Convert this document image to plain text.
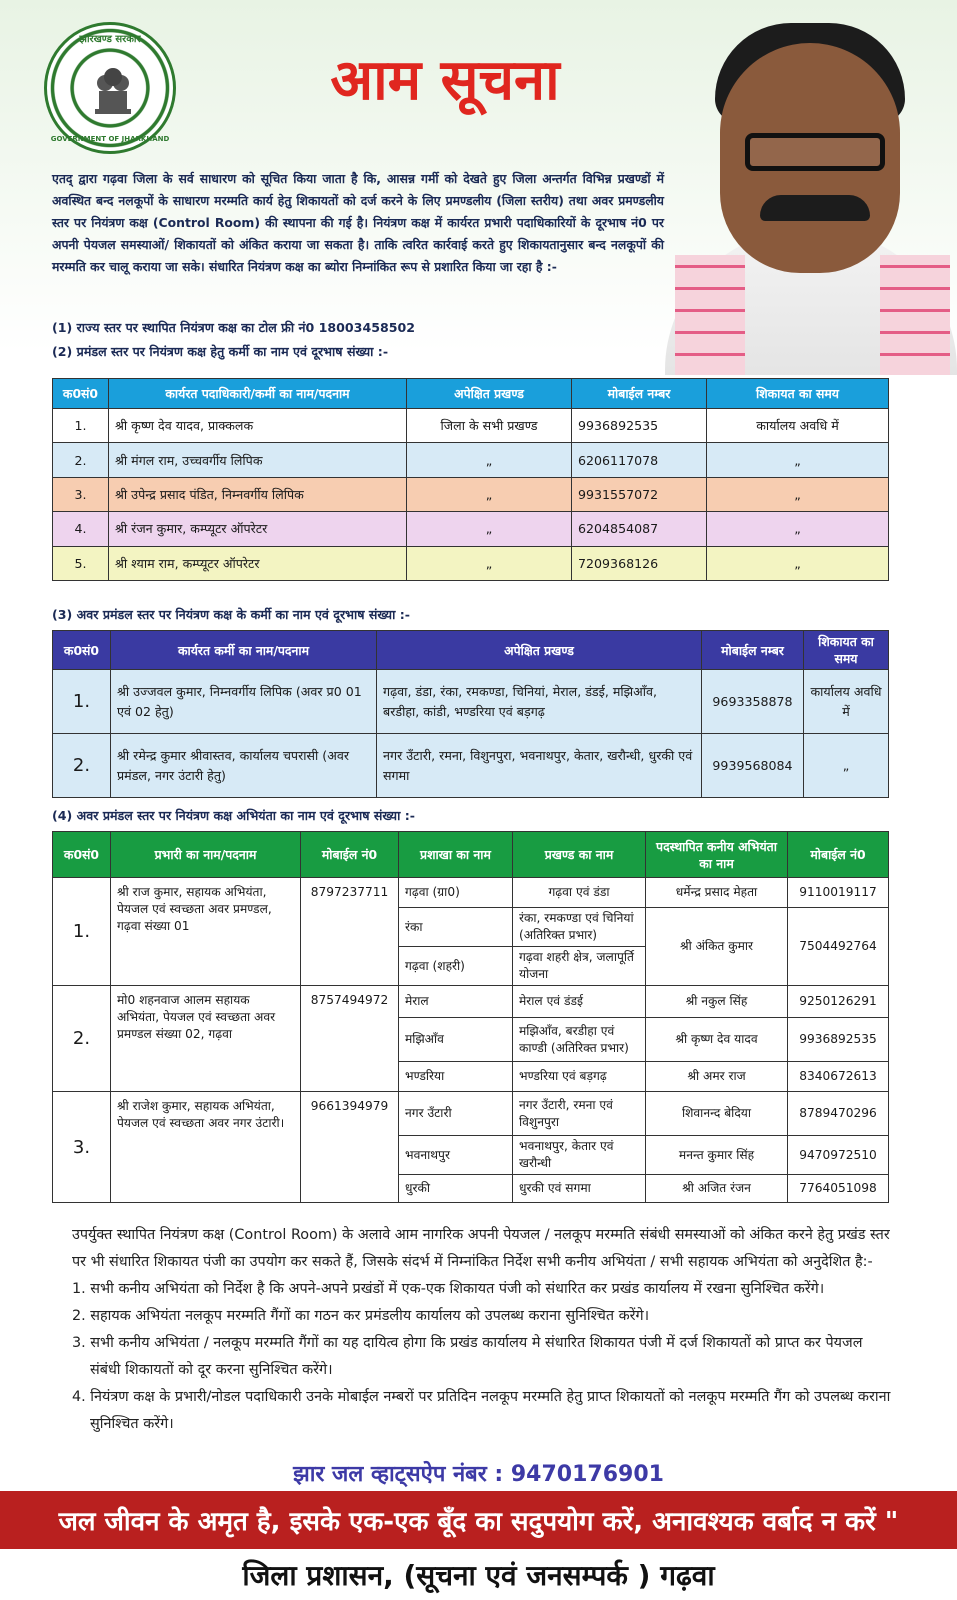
झारखण्ड सरकार
GOVERNMENT OF JHARKHAND
आम सूचना
एतद् द्वारा गढ़वा जिला के सर्व साधारण को सूचित किया जाता है कि, आसन्न गर्मी को देखते हुए जिला अन्तर्गत विभिन्न प्रखण्डों में अवस्थित बन्द नलकूपों के साधारण मरम्मति कार्य हेतु शिकायतों को दर्ज करने के लिए प्रमण्डलीय (जिला स्तरीय) तथा अवर प्रमण्डलीय स्तर पर नियंत्रण कक्ष (Control Room) की स्थापना की गई है। नियंत्रण कक्ष में कार्यरत प्रभारी पदाधिकारियों के दूरभाष नं0 पर अपनी पेयजल समस्याओं/ शिकायतों को अंकित कराया जा सकता है। ताकि त्वरित कार्रवाई करते हुए शिकायतानुसार बन्द नलकूपों की मरम्मति कर चालू कराया जा सके। संधारित नियंत्रण कक्ष का ब्योरा निम्नांकित रूप से प्रशारित किया जा रहा है :-
(1) राज्य स्तर पर स्थापित नियंत्रण कक्ष का टोल फ्री नं0 18003458502
(2) प्रमंडल स्तर पर नियंत्रण कक्ष हेतु कर्मी का नाम एवं दूरभाष संख्या :-
क0सं0	कार्यरत पदाधिकारी/कर्मी का नाम/पदनाम	अपेक्षित प्रखण्ड	मोबाईल नम्बर	शिकायत का समय
1.	श्री कृष्ण देव यादव, प्राक्कलक	जिला के सभी प्रखण्ड	9936892535	कार्यालय अवधि में
2.	श्री मंगल राम, उच्चवर्गीय लिपिक	„	6206117078	„
3.	श्री उपेन्द्र प्रसाद पंडित, निम्नवर्गीय लिपिक	„	9931557072	„
4.	श्री रंजन कुमार, कम्प्यूटर ऑपरेटर	„	6204854087	„
5.	श्री श्याम राम, कम्प्यूटर ऑपरेटर	„	7209368126	„
(3) अवर प्रमंडल स्तर पर नियंत्रण कक्ष के कर्मी का नाम एवं दूरभाष संख्या :-
क0सं0	कार्यरत कर्मी का नाम/पदनाम	अपेक्षित प्रखण्ड	मोबाईल नम्बर	शिकायत का समय
1.	श्री उज्जवल कुमार, निम्नवर्गीय लिपिक (अवर प्र0 01 एवं 02 हेतु)	गढ़वा, डंडा, रंका, रमकण्डा, चिनियां, मेराल, डंडई, मझिआँव, बरडीहा, कांडी, भण्डरिया एवं बड़गढ़	9693358878	कार्यालय अवधि में
2.	श्री रमेन्द्र कुमार श्रीवास्तव, कार्यालय चपरासी (अवर प्रमंडल, नगर उंटारी हेतु)	नगर उँटारी, रमना, विशुनपुरा, भवनाथपुर, केतार, खरौन्धी, धुरकी एवं सगमा	9939568084	„
(4) अवर प्रमंडल स्तर पर नियंत्रण कक्ष अभियंता का नाम एवं दूरभाष संख्या :-
क0सं0	प्रभारी का नाम/पदनाम	मोबाईल नं0	प्रशाखा का नाम	प्रखण्ड का नाम	पदस्थापित कनीय अभियंता का नाम	मोबाईल नं0
1.	श्री राज कुमार, सहायक अभियंता, पेयजल एवं स्वच्छता अवर प्रमण्डल, गढ़वा संख्या 01	8797237711	गढ़वा (ग्रा0)	गढ़वा एवं डंडा	धर्मेन्द्र प्रसाद मेहता	9110019117
			रंका	रंका, रमकण्डा एवं चिनियां (अतिरिक्त प्रभार)	श्री अंकित कुमार	7504492764
			गढ़वा (शहरी)	गढ़वा शहरी क्षेत्र, जलापूर्ति योजना		
2.	मो0 शहनवाज आलम सहायक अभियंता, पेयजल एवं स्वच्छता अवर प्रमण्डल संख्या 02, गढ़वा	8757494972	मेराल	मेराल एवं डंडई	श्री नकुल सिंह	9250126291
			मझिआँव	मझिआँव, बरडीहा एवं काण्डी (अतिरिक्त प्रभार)	श्री कृष्ण देव यादव	9936892535
			भण्डरिया	भण्डरिया एवं बड़गढ़	श्री अमर राज	8340672613
3.	श्री राजेश कुमार, सहायक अभियंता, पेयजल एवं स्वच्छता अवर नगर उंटारी।	9661394979	नगर उँटारी	नगर उँटारी, रमना एवं विशुनपुरा	शिवानन्द बेदिया	8789470296
			भवनाथपुर	भवनाथपुर, केतार एवं खरौन्धी	मनन्त कुमार सिंह	9470972510
			धुरकी	धुरकी एवं सगमा	श्री अजित रंजन	7764051098

उपर्युक्त स्थापित नियंत्रण कक्ष (Control Room) के अलावे आम नागरिक अपनी पेयजल / नलकूप मरम्मति संबंधी समस्याओं को अंकित करने हेतु प्रखंड स्तर पर भी संधारित शिकायत पंजी का उपयोग कर सकते हैं, जिसके संदर्भ में निम्नांकित निर्देश सभी कनीय अभियंता / सभी सहायक अभियंता को अनुदेशित है:-

1. सभी कनीय अभियंता को निर्देश है कि अपने-अपने प्रखंडों में एक-एक शिकायत पंजी को संधारित कर प्रखंड कार्यालय में रखना सुनिश्चित करेंगे।
2. सहायक अभियंता नलकूप मरम्मति गैंगों का गठन कर प्रमंडलीय कार्यालय को उपलब्ध कराना सुनिश्चित करेंगे।
3. सभी कनीय अभियंता / नलकूप मरम्मति गैंगों का यह दायित्व होगा कि प्रखंड कार्यालय मे संधारित शिकायत पंजी में दर्ज शिकायतों को प्राप्त कर पेयजल संबंधी शिकायतों को दूर करना सुनिश्चित करेंगे।
4. नियंत्रण कक्ष के प्रभारी/नोडल पदाधिकारी उनके मोबाईल नम्बरों पर प्रतिदिन नलकूप मरम्मति हेतु प्राप्त शिकायतों को नलकूप मरम्मति गैंग को उपलब्ध कराना सुनिश्चित करेंगे।
झार जल व्हाट्सऐप नंबर : 9470176901
जल जीवन के अमृत है, इसके एक-एक बूँद का सदुपयोग करें, अनावश्यक वर्बाद न करें "
जिला प्रशासन, (सूचना एवं जनसम्पर्क ) गढ़वा
